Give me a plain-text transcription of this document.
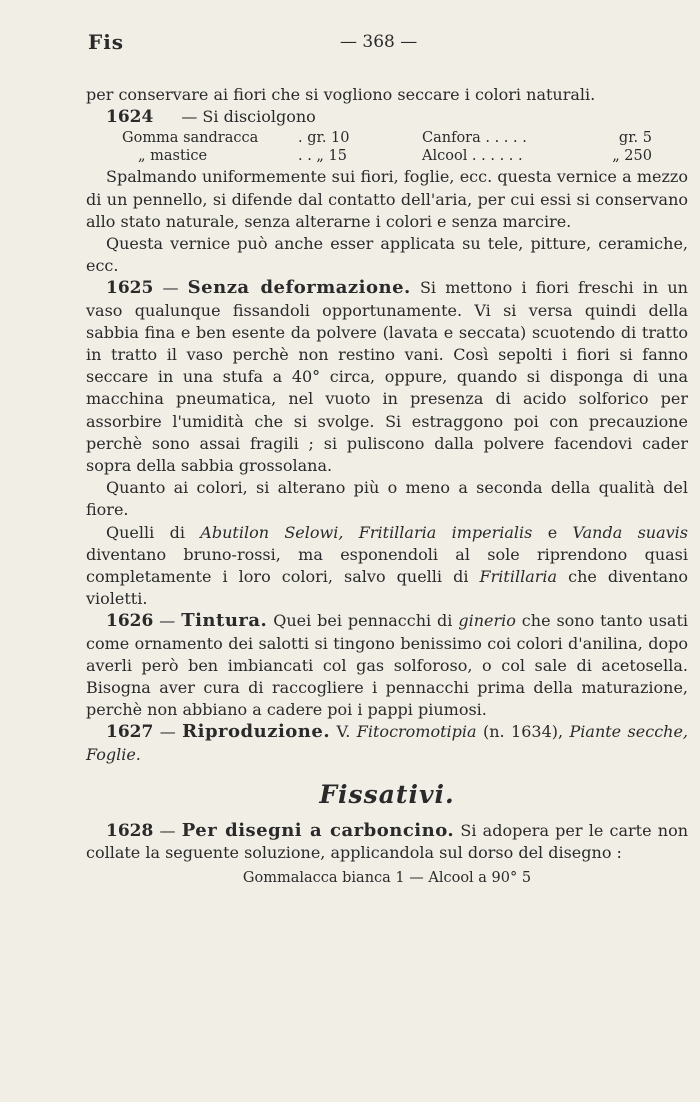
Fis	— 368 —

per conservare ai fiori che si vogliono seccare i colori naturali.

1624 — Si disciolgono
Gomma sandracca	. gr. 10	Canfora . . . . .	gr. 5
„ mastice	. . „ 15	Alcool . . . . . .	„ 250

Spalmando uniformemente sui fiori, foglie, ecc. questa vernice a mezzo di un pennello, si difende dal contatto dell'aria, per cui essi si conservano allo stato naturale, senza alterarne i colori e senza marcire.

Questa vernice può anche esser applicata su tele, pitture, ceramiche, ecc.

1625 — Senza deformazione. Si mettono i fiori freschi in un vaso qualunque fissandoli opportunamente. Vi si versa quindi della sabbia fina e ben esente da polvere (lavata e seccata) scuotendo di tratto in tratto il vaso perchè non restino vani. Così sepolti i fiori si fanno seccare in una stufa a 40° circa, oppure, quando si disponga di una macchina pneumatica, nel vuoto in presenza di acido solforico per assorbire l'umidità che si svolge. Si estraggono poi con precauzione perchè sono assai fragili ; si puliscono dalla polvere facendovi cader sopra della sabbia grossolana.

Quanto ai colori, si alterano più o meno a seconda della qualità del fiore.

Quelli di Abutilon Selowi, Fritillaria imperialis e Vanda suavis diventano bruno-rossi, ma esponendoli al sole riprendono quasi completamente i loro colori, salvo quelli di Fritillaria che diventano violetti.

1626 — Tintura. Quei bei pennacchi di ginerio che sono tanto usati come ornamento dei salotti si tingono benissimo coi colori d'anilina, dopo averli però ben imbiancati col gas solforoso, o col sale di acetosella. Bisogna aver cura di raccogliere i pennacchi prima della maturazione, perchè non abbiano a cadere poi i pappi piumosi.

1627 — Riproduzione. V. Fitocromotipia (n. 1634), Piante secche, Foglie.

Fissativi.

1628 — Per disegni a carboncino. Si adopera per le carte non collate la seguente soluzione, applicandola sul dorso del disegno :

Gommalacca bianca 1 — Alcool a 90° 5
